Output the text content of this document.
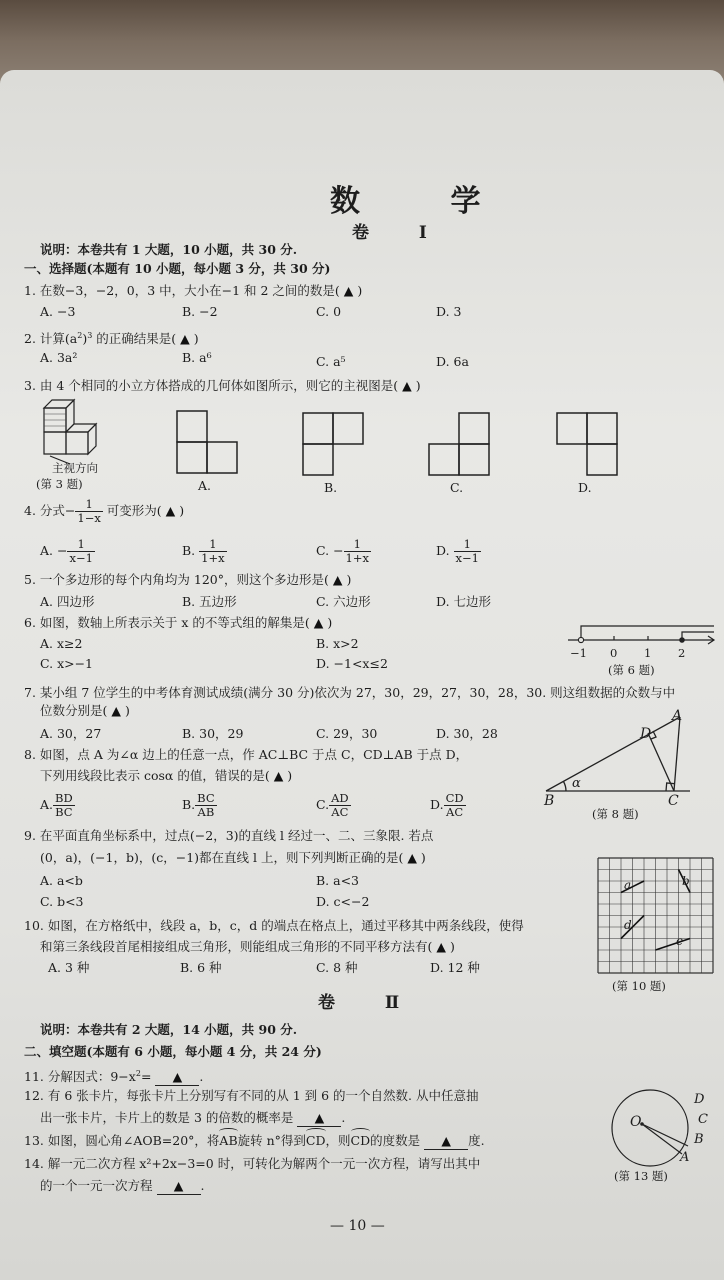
数 学
卷 Ⅰ
说明：本卷共有 1 大题，10 小题，共 30 分.
一、选择题(本题有 10 小题，每小题 3 分，共 30 分)
1. 在数−3，−2，0，3 中，大小在−1 和 2 之间的数是( ▲ )
A. −3	B. −2	C. 0	D. 3
2. 计算$(a^2)^3$ 的正确结果是( ▲ )
A. 3a²	B. a⁶	C. a⁵	D. 6a
3. 由 4 个相同的小立方体搭成的几何体如图所示，则它的主视图是( ▲ )
主视方向
(第 3 题)	A.	B.	C.	D.
4. 分式− $\frac{1}{1-x}$ 可变形为( ▲ )
A. − $\frac{1}{x-1}$	B. $\frac{1}{1+x}$	C. − $\frac{1}{1+x}$	D. $\frac{1}{x-1}$
5. 一个多边形的每个内角均为 120°，则这个多边形是( ▲ )
A. 四边形	B. 五边形	C. 六边形	D. 七边形
6. 如图，数轴上所表示关于 x 的不等式组的解集是( ▲ )
A. x≥2	B. x>2
C. x>−1	D. −1<x≤2
−1 0 1 2
(第 6 题)
7. 某小组 7 位学生的中考体育测试成绩(满分 30 分)依次为 27，30，29，27，30，28，30. 则这组数据的众数与中
位数分别是( ▲ )
A. 30，27	B. 30，29	C. 29，30	D. 30，28
8. 如图，点 A 为∠α 边上的任意一点，作 AC⊥BC 于点 C，CD⊥AB 于点 D，
下列用线段比表示 cosα 的值，错误的是( ▲ )
A. $\frac{BD}{BC}$	B. $\frac{BC}{AB}$	C. $\frac{AD}{AC}$	D. $\frac{CD}{AC}$
A
D
α
B	C
(第 8 题)
9. 在平面直角坐标系中，过点(−2，3)的直线 l 经过一、二、三象限. 若点
(0，a)，(−1，b)，(c，−1)都在直线 l 上，则下列判断正确的是( ▲ )
A. a<b	B. a<3
C. b<3	D. c<−2
10. 如图，在方格纸中，线段 a，b，c，d 的端点在格点上，通过平移其中两条线段，使得
和第三条线段首尾相接组成三角形，则能组成三角形的不同平移方法有( ▲ )
A. 3 种	B. 6 种	C. 8 种	D. 12 种
a	b
c
d
(第 10 题)
卷 Ⅱ
说明：本卷共有 2 大题，14 小题，共 90 分.
二、填空题(本题有 6 小题，每小题 4 分，共 24 分)
11. 分解因式：$9-x^2=$ ▲ .
12. 有 6 张卡片，每张卡片上分别写有不同的从 1 到 6 的一个自然数. 从中任意抽
出一张卡片，卡片上的数是 3 的倍数的概率是 ▲ .
13. 如图，圆心角∠AOB=20°，将AB
旋转 n°得到CD
，则CD
的度数是 ▲ 度.
O
D
C
B
A
(第 13 题)
14. 解一元二次方程 x²+2x−3=0 时，可转化为解两个一元一次方程，请写出其中
的一个一元一次方程 ▲ .
— 10 —
